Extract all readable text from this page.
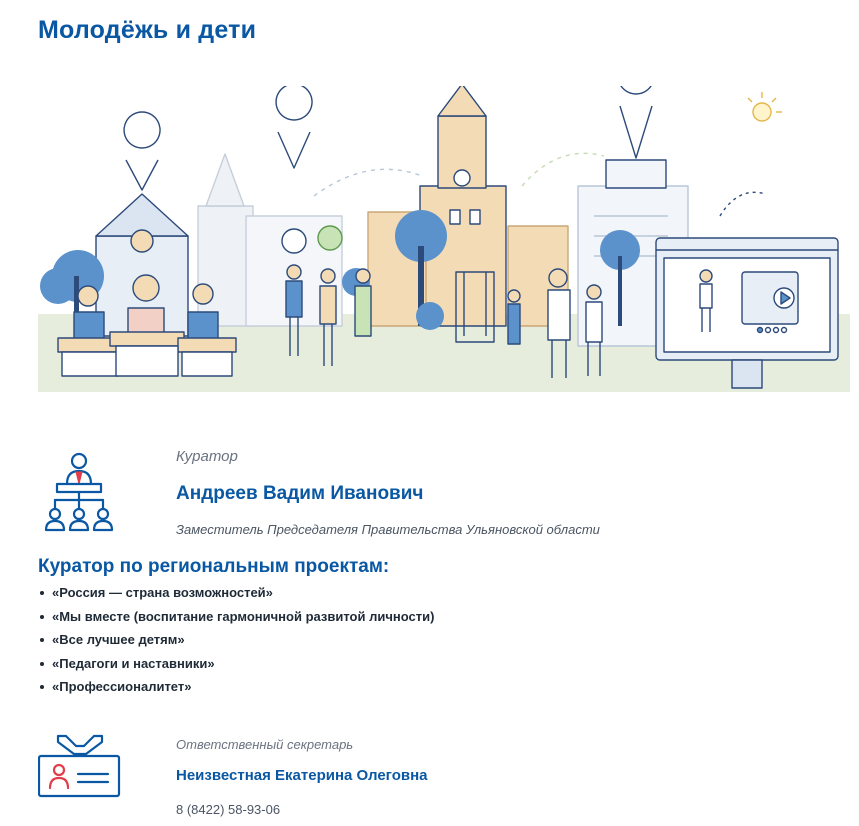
Молодёжь и дети
Куратор
Андреев Вадим Иванович
Заместитель Председателя Правительства Ульяновской области
Куратор по региональным проектам:
«Россия — страна возможностей»
«Мы вместе (воспитание гармоничной развитой личности)
«Все лучшее детям»
«Педагоги и наставники»
«Профессионалитет»
Ответственный секретарь
Неизвестная Екатерина Олеговна
8 (8422) 58-93-06
